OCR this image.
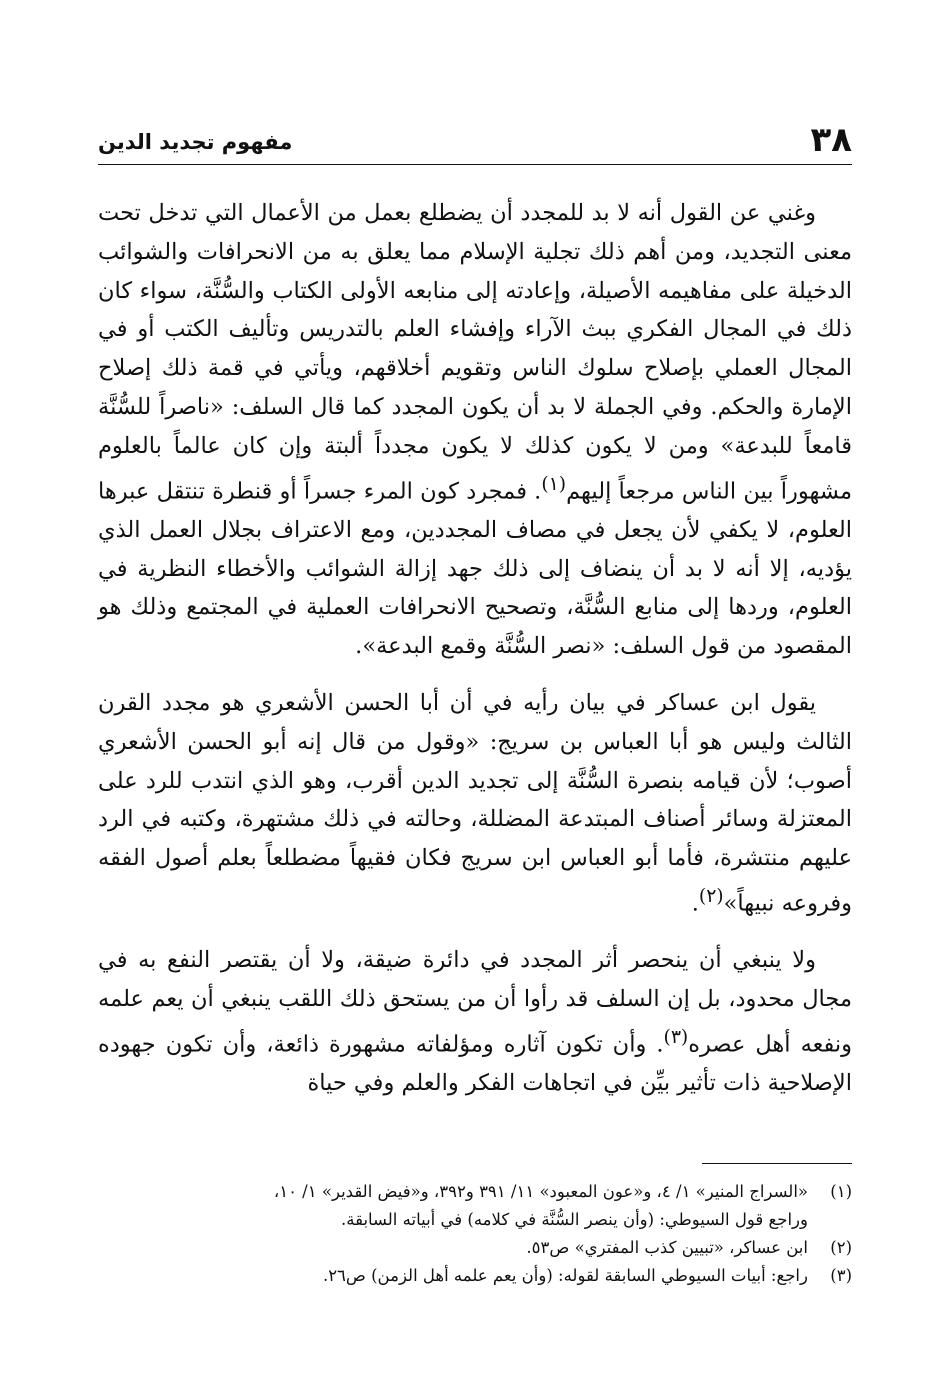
٣٨
مفهوم تجديد الدين

وغني عن القول أنه لا بد للمجدد أن يضطلع بعمل من الأعمال التي تدخل تحت معنى التجديد، ومن أهم ذلك تجلية الإسلام مما يعلق به من الانحرافات والشوائب الدخيلة على مفاهيمه الأصيلة، وإعادته إلى منابعه الأولى الكتاب والسُّنَّة، سواء كان ذلك في المجال الفكري ببث الآراء وإفشاء العلم بالتدريس وتأليف الكتب أو في المجال العملي بإصلاح سلوك الناس وتقويم أخلاقهم، ويأتي في قمة ذلك إصلاح الإمارة والحكم. وفي الجملة لا بد أن يكون المجدد كما قال السلف: «ناصراً للسُّنَّة قامعاً للبدعة» ومن لا يكون كذلك لا يكون مجدداً ألبتة وإن كان عالماً بالعلوم مشهوراً بين الناس مرجعاً إليهم$^{(١)}$. فمجرد كون المرء جسراً أو قنطرة تنتقل عبرها العلوم، لا يكفي لأن يجعل في مصاف المجددين، ومع الاعتراف بجلال العمل الذي يؤديه، إلا أنه لا بد أن ينضاف إلى ذلك جهد إزالة الشوائب والأخطاء النظرية في العلوم، وردها إلى منابع السُّنَّة، وتصحيح الانحرافات العملية في المجتمع وذلك هو المقصود من قول السلف: «نصر السُّنَّة وقمع البدعة».

يقول ابن عساكر في بيان رأيه في أن أبا الحسن الأشعري هو مجدد القرن الثالث وليس هو أبا العباس بن سريج: «وقول من قال إنه أبو الحسن الأشعري أصوب؛ لأن قيامه بنصرة السُّنَّة إلى تجديد الدين أقرب، وهو الذي انتدب للرد على المعتزلة وسائر أصناف المبتدعة المضللة، وحالته في ذلك مشتهرة، وكتبه في الرد عليهم منتشرة، فأما أبو العباس ابن سريج فكان فقيهاً مضطلعاً بعلم أصول الفقه وفروعه نبيهاً»$^{(٢)}$.

ولا ينبغي أن ينحصر أثر المجدد في دائرة ضيقة، ولا أن يقتصر النفع به في مجال محدود، بل إن السلف قد رأوا أن من يستحق ذلك اللقب ينبغي أن يعم علمه ونفعه أهل عصره$^{(٣)}$. وأن تكون آثاره ومؤلفاته مشهورة ذائعة، وأن تكون جهوده الإصلاحية ذات تأثير بيِّن في اتجاهات الفكر والعلم وفي حياة

(١)
«السراج المنير» ١/ ٤، و«عون المعبود» ١١/ ٣٩١ و٣٩٢، و«فيض القدير» ١/ ١٠،
وراجع قول السيوطي: (وأن ينصر السُّنَّة في كلامه) في أبياته السابقة.
(٢)
ابن عساكر، «تبيين كذب المفتري» ص٥٣.
(٣)
راجع: أبيات السيوطي السابقة لقوله: (وأن يعم علمه أهل الزمن) ص٢٦.
